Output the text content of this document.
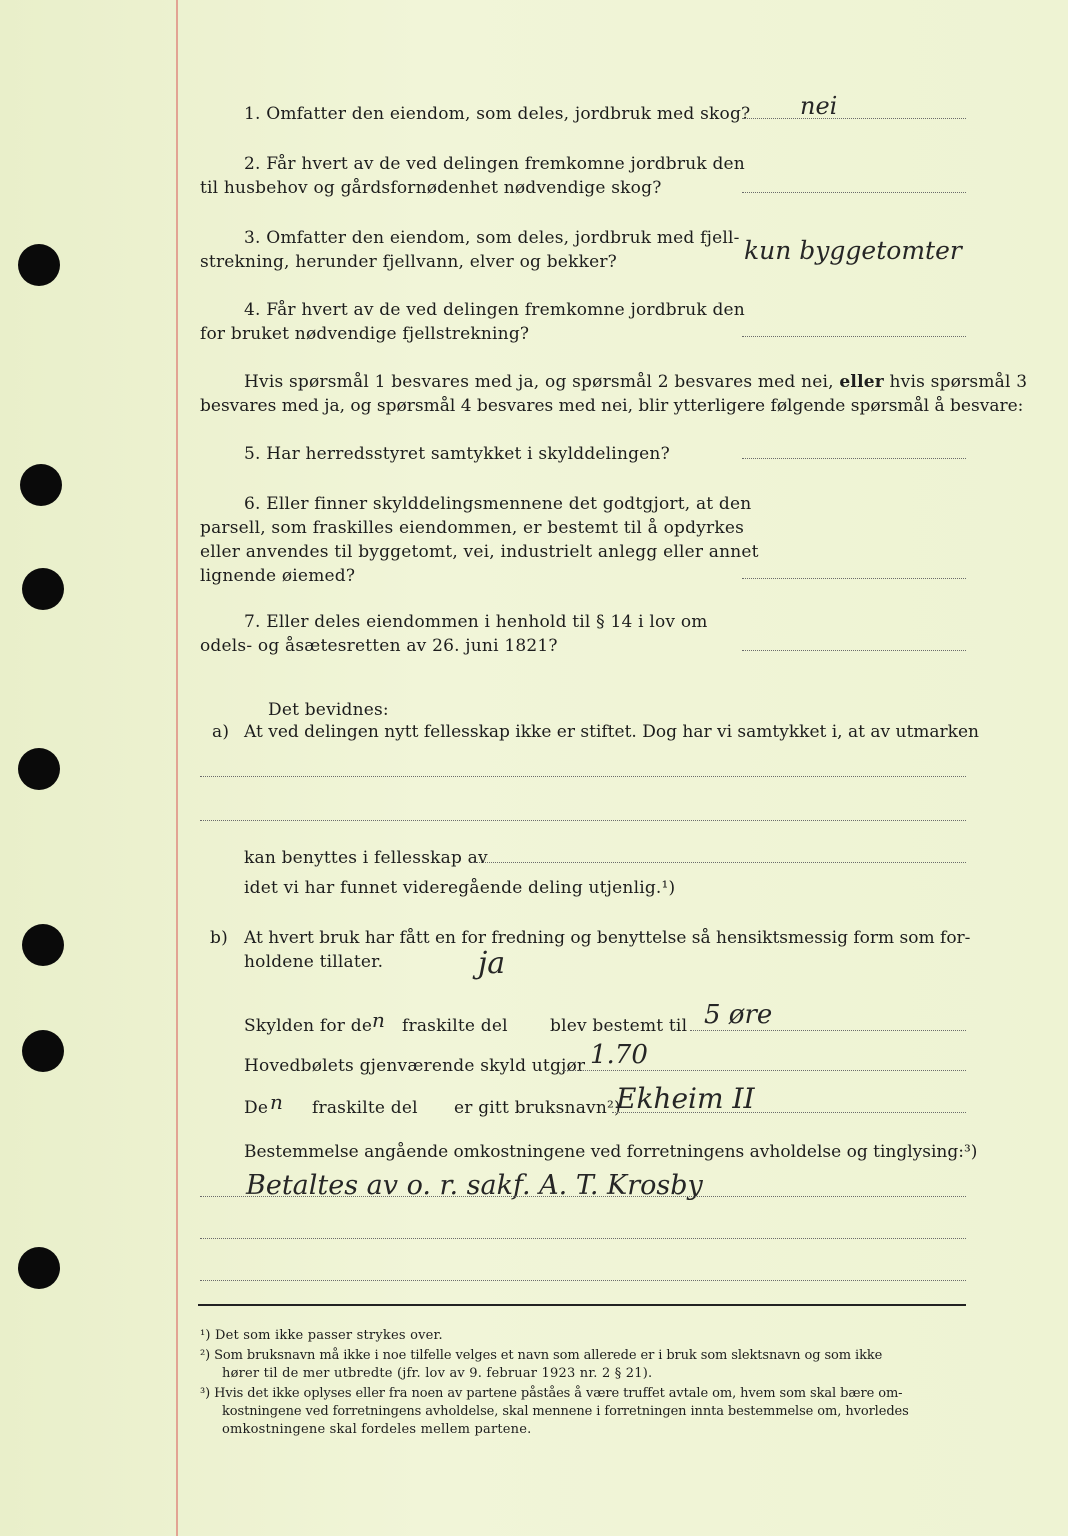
1. Omfatter den eiendom, som deles, jordbruk med skog? nei
2. Får hvert av de ved delingen fremkomne jordbruk den
til husbehov og gårdsfornødenhet nødvendige skog?
3. Omfatter den eiendom, som deles, jordbruk med fjell-
strekning, herunder fjellvann, elver og bekker?	kun byggetomter
4. Får hvert av de ved delingen fremkomne jordbruk den
for bruket nødvendige fjellstrekning?
Hvis spørsmål 1 besvares med ja, og spørsmål 2 besvares med nei, eller hvis spørsmål 3
besvares med ja, og spørsmål 4 besvares med nei, blir ytterligere følgende spørsmål å besvare:
5. Har herredsstyret samtykket i skylddelingen?
6. Eller finner skylddelingsmennene det godtgjort, at den
parsell, som fraskilles eiendommen, er bestemt til å opdyrkes
eller anvendes til byggetomt, vei, industrielt anlegg eller annet
lignende øiemed?
7. Eller deles eiendommen i henhold til § 14 i lov om
odels- og åsætesretten av 26. juni 1821?
Det bevidnes:
a) At ved delingen nytt fellesskap ikke er stiftet. Dog har vi samtykket i, at av utmarken
kan benyttes i fellesskap av
idet vi har funnet videregående deling utjenlig.¹)
b) At hvert bruk har fått en for fredning og benyttelse så hensiktsmessig form som for-
holdene tillater.	ja
Skylden for de n fraskilte del blev bestemt til 5 øre
Hovedbølets gjenværende skyld utgjør 1.70
De n fraskilte del er gitt bruksnavn²)
Ekheim II
Bestemmelse angående omkostningene ved forretningens avholdelse og tinglysing:³)
Betaltes av o. r. sakf. A. T. Krosby
¹) Det som ikke passer strykes over.
²) Som bruksnavn må ikke i noe tilfelle velges et navn som allerede er i bruk som slektsnavn og som ikke
hører til de mer utbredte (jfr. lov av 9. februar 1923 nr. 2 § 21).
³) Hvis det ikke oplyses eller fra noen av partene påståes å være truffet avtale om, hvem som skal bære om-
kostningene ved forretningens avholdelse, skal mennene i forretningen innta bestemmelse om, hvorledes
omkostningene skal fordeles mellem partene.
